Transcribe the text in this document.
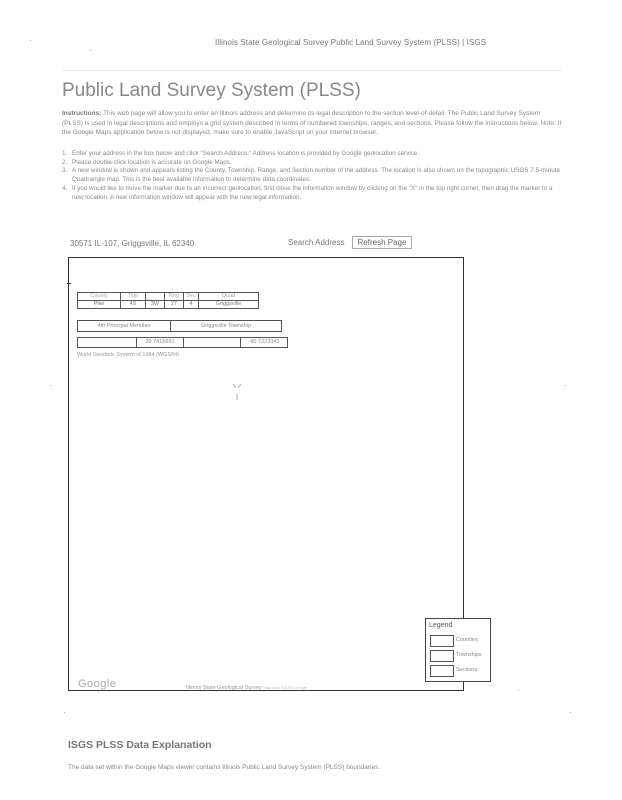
Illinois State Geological Survey Public Land Survey System (PLSS) | ISGS
Public Land Survey System (PLSS)
Instructions: This web page will allow you to enter an Illinois address and determine its legal description to the section level-of-detail. The Public Land Survey System (PLSS) is used in legal descriptions and employs a grid system described in terms of numbered townships, ranges, and sections. Please follow the instructions below. Note: If the Google Maps application below is not displayed, make sure to enable JavaScript on your internet browser.
1. Enter your address in the box below and click "Search Address." Address location is provided by Google geolocation service.
2. Please double-click location is accurate on Google Maps.
3. A new window is shown and appears listing the County, Township, Range, and Section number of the address. The location is also shown on the topographic USGS 7.5-minute Quadrangle map. This is the best available information to determine data coordinates.
4. If you would like to move the marker due to an incorrect geolocation, first close the information window by clicking on the "X" in the top right corner, then drag the marker to a new location. A new information window will appear with the new legal information.
30571 IL-107, Griggsville, IL 62340
Search Address	Refresh Page
County	Twp		Rng	Sec	Quad
Pike	4S	3W	27	4	Griggsville
4th Principal Meridian	Griggsville Township
	39.7415691		-90.7223343
World Geodetic System of 1984 (WGS84)
Legend
Counties
Townships
Sections
Google	Illinois State Geological Survey Map data ©2020 Google
ISGS PLSS Data Explanation
The data set within the Google Maps viewer contains Illinois Public Land Survey System (PLSS) boundaries.
